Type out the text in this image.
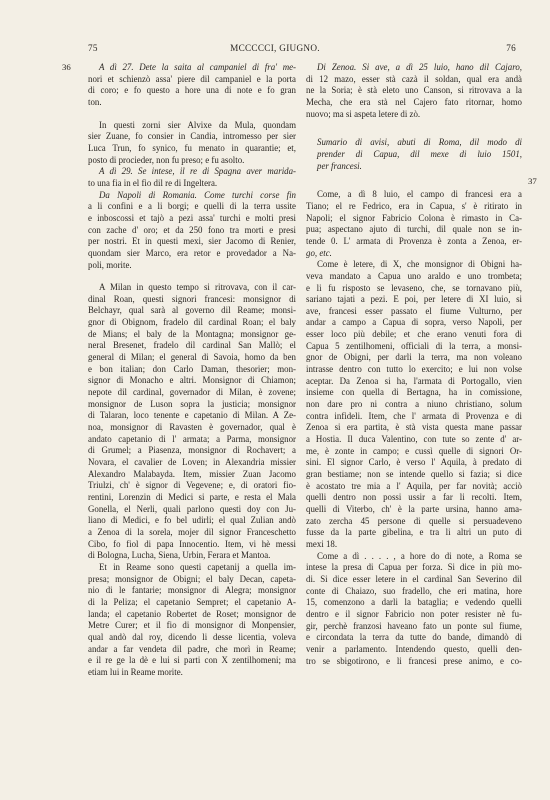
75	MCCCCCI, GIUGNO.	76
36
37
A dì 27. Dete la saita al campaniel di fra' me-
nori et schienzò assa' piere dil campaniel e la porta
di coro; e fo questo a hore una di note e fo gran
ton.
In questi zorni sier Alvixe da Mula, quondam
sier Zuane, fo consier in Candia, intromesso per sier
Luca Trun, fo synico, fu menato in quarantie; et,
posto di procieder, non fu preso; e fu asolto.
A dì 29. Se intese, il re di Spagna aver marida-
to una fia in el fio dil re di Ingeltera.
Da Napoli di Romania. Come turchi corse fin
a li confini e a li borgi; e quelli di la terra ussite
e inboscossi et tajò a pezi assa' turchi e molti presi
con zache d' oro; et da 250 fono tra morti e presi
per nostri. Et in questi mexi, sier Jacomo di Renier,
quondam sier Marco, era retor e provedador a Na-
poli, morite.
A Milan in questo tempo si ritrovava, con il car-
dinal Roan, questi signori francesi: monsignor di
Belchayr, qual sarà al governo dil Reame; monsi-
gnor di Obignom, fradelo dil cardinal Roan; el baly
de Mians; el baly de la Montagna; monsignor ge-
neral Bresenet, fradelo dil cardinal San Mallò; el
general di Milan; el general di Savoia, homo da ben
e bon italian; don Carlo Daman, thesorier; mon-
signor di Monacho e altri. Monsignor di Chiamon;
nepote dil cardinal, governador di Milan, è zovene;
monsignor de Luson sopra la justicia; monsignor
di Talaran, loco tenente e capetanio di Milan. A Ze-
noa, monsignor di Ravasten è governador, qual è
andato capetanio di l' armata; a Parma, monsignor
di Grumel; a Piasenza, monsignor di Rochavert; a
Novara, el cavalier de Loven; in Alexandria missier
Alexandro Malabayda. Item, missier Zuan Jacomo
Triulzi, ch' è signor di Vegevene; e, di oratori fio-
rentini, Lorenzin di Medici si parte, e resta el Mala
Gonella, el Nerli, quali parlono questi doy con Ju-
liano di Medici, e fo bel udirli; el qual Zulian andò
a Zenoa di la sorela, mojer dil signor Franceschetto
Cibo, fo fiol di papa Innocentio. Item, vi hè messi
di Bologna, Lucha, Siena, Urbin, Ferara et Mantoa.
Et in Reame sono questi capetanij a quella im-
presa; monsignor de Obigni; el baly Decan, capeta-
nio di le fantarie; monsignor di Alegra; monsignor
di la Peliza; el capetanio Sempret; el capetanio A-
landa; el capetanio Robertet de Roset; monsignor de
Metre Curer; et il fio di monsignor di Monpensier,
qual andò dal roy, dicendo li desse licentia, voleva
andar a far vendeta dil padre, che morì in Reame;
e il re ge la dè e lui si parti con X zentilhomeni; ma
etiam lui in Reame morite.
Di Zenoa. Si ave, a dì 25 luio, hano dil Cajaro,
di 12 mazo, esser stà cazà il soldan, qual era andà
ne la Soria; è stà eleto uno Canson, si ritrovava a la
Mecha, che era stà nel Cajero fato ritornar, homo
nuovo; ma si aspeta letere di zò.
Sumario di avisi, abuti di Roma, dil modo di
prender di Capua, dil mexe di luio 1501,
per francesi.
Come, a dì 8 luio, el campo di francesi era a
Tiano; el re Fedrico, era in Capua, s' è ritirato in
Napoli; el signor Fabricio Colona è rimasto in Ca-
pua; aspectano ajuto di turchi, dil quale non se in-
tende 0. L' armata di Provenza è zonta a Zenoa, er-
go, etc.
Come è letere, di X, che monsignor di Obigni ha-
veva mandato a Capua uno araldo e uno trombeta;
e li fu risposto se levaseno, che, se tornavano più,
sariano tajati a pezi. E poi, per letere di XI luio, si
ave, francesi esser passato el fiume Vulturno, per
andar a campo a Capua di sopra, verso Napoli, per
esser loco più debile; et che erano venuti fora di
Capua 5 zentilhomeni, officiali di la terra, a monsi-
gnor de Obigni, per darli la terra, ma non voleano
intrasse dentro con tutto lo exercito; e lui non volse
aceptar. Da Zenoa si ha, l'armata di Portogallo, vien
insieme con quella di Bertagna, ha in comissione,
non dare pro ni contra a niuno christiano, solum
contra infideli. Item, che l' armata di Provenza e di
Zenoa si era partita, è stà vista questa mane passar
a Hostia. Il duca Valentino, con tute so zente d' ar-
me, è zonte in campo; e cussì quelle di signori Or-
sini. El signor Carlo, è verso l' Aquila, à predato di
gran bestiame; non se intende quello si fazia; si dice
è acostato tre mia a l' Aquila, per far novità; acciò
quelli dentro non possi ussir a far li recolti. Item,
quelli di Viterbo, ch' è la parte ursina, hanno ama-
zato zercha 45 persone di quelle si persuadeveno
fusse da la parte gibelina, e tra li altri un puto di
mexi 18.
Come a dì . . . . , a hore do di note, a Roma se
intese la presa di Capua per forza. Si dice in più mo-
di. Si dice esser letere in el cardinal San Severino dil
conte di Chaiazo, suo fradello, che eri matina, hore
15, comenzono a darli la bataglia; e vedendo quelli
dentro e il signor Fabricio non poter resister nè fu-
gir, perchè franzosi haveano fato un ponte sul fiume,
e circondata la terra da tutte do bande, dimandò di
venir a parlamento. Intendendo questo, quelli den-
tro se sbigotirono, e li francesi prese animo, e co-
